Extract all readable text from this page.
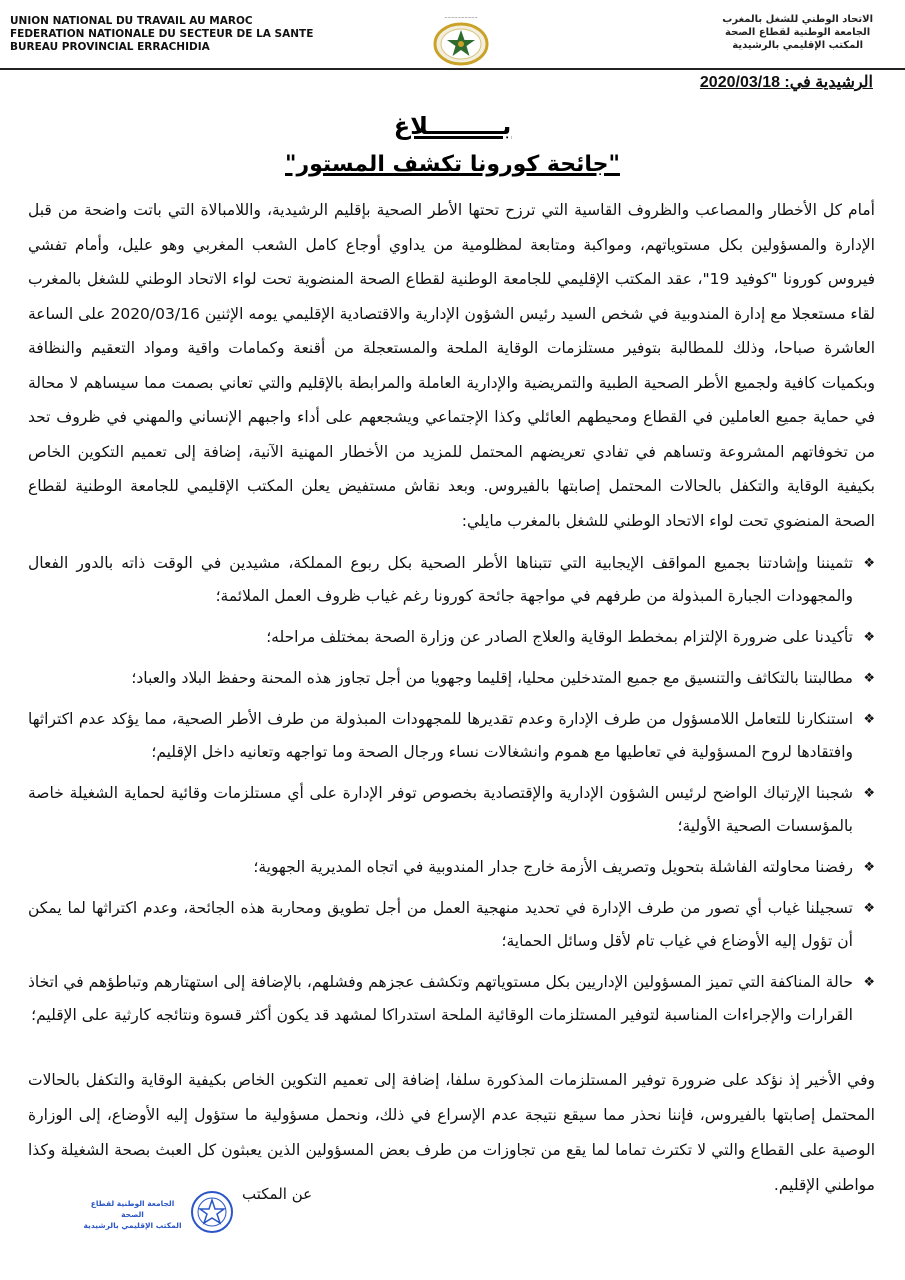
UNION NATIONAL DU TRAVAIL AU MAROC
FEDERATION NATIONALE DU SECTEUR DE LA SANTE
BUREAU PROVINCIAL ERRACHIDIA
~~~~~~~~~~	الاتحاد الوطني للشغل بالمغرب
الجامعة الوطنية لقطاع الصحة
المكتب الإقليمي بالرشيدية
الرشيدية في: 2020/03/18
بـــــــــلاغ
"جائحة كورونا تكشف المستور"

أمام كل الأخطار والمصاعب والظروف القاسية التي ترزح تحتها الأطر الصحية بإقليم الرشيدية، واللامبالاة التي باتت واضحة من قبل الإدارة والمسؤولين بكل مستوياتهم، ومواكبة ومتابعة لمظلومية من يداوي أوجاع كامل الشعب المغربي وهو عليل، وأمام تفشي فيروس كورونا "كوفيد 19"، عقد المكتب الإقليمي للجامعة الوطنية لقطاع الصحة المنضوية تحت لواء الاتحاد الوطني للشغل بالمغرب لقاء مستعجلا مع إدارة المندوبية في شخص السيد رئيس الشؤون الإدارية والاقتصادية الإقليمي يومه الإثنين 2020/03/16 على الساعة العاشرة صباحا، وذلك للمطالبة بتوفير مستلزمات الوقاية الملحة والمستعجلة من أقنعة وكمامات واقية ومواد التعقيم والنظافة وبكميات كافية ولجميع الأطر الصحية الطبية والتمريضية والإدارية العاملة والمرابطة بالإقليم والتي تعاني بصمت مما سيساهم لا محالة في حماية جميع العاملين في القطاع ومحيطهم العائلي وكذا الإجتماعي ويشجعهم على أداء واجبهم الإنساني والمهني في ظروف تحد من تخوفاتهم المشروعة وتساهم في تفادي تعريضهم المحتمل للمزيد من الأخطار المهنية الآنية، إضافة إلى تعميم التكوين الخاص بكيفية الوقاية والتكفل بالحالات المحتمل إصابتها بالفيروس. وبعد نقاش مستفيض يعلن المكتب الإقليمي للجامعة الوطنية لقطاع الصحة المنضوي تحت لواء الاتحاد الوطني للشغل بالمغرب مايلي:

❖
تثميننا وإشادتنا بجميع المواقف الإيجابية التي تتبناها الأطر الصحية بكل ربوع المملكة، مشيدين في الوقت ذاته بالدور الفعال والمجهودات الجبارة المبذولة من طرفهم في مواجهة جائحة كورونا رغم غياب ظروف العمل الملائمة؛
❖
تأكيدنا على ضرورة الإلتزام بمخطط الوقاية والعلاج الصادر عن وزارة الصحة بمختلف مراحله؛
❖
مطالبتنا بالتكاثف والتنسيق مع جميع المتدخلين محليا، إقليما وجهويا من أجل تجاوز هذه المحنة وحفظ البلاد والعباد؛
❖
استنكارنا للتعامل اللامسؤول من طرف الإدارة وعدم تقديرها للمجهودات المبذولة من طرف الأطر الصحية، مما يؤكد عدم اكتراثها وافتقادها لروح المسؤولية في تعاطيها مع هموم وانشغالات نساء ورجال الصحة وما تواجهه وتعانيه داخل الإقليم؛
❖
شجبنا الإرتباك الواضح لرئيس الشؤون الإدارية والإقتصادية بخصوص توفر الإدارة على أي مستلزمات وقائية لحماية الشغيلة خاصة بالمؤسسات الصحية الأولية؛
❖
رفضنا محاولته الفاشلة بتحويل وتصريف الأزمة خارج جدار المندوبية في اتجاه المديرية الجهوية؛
❖
تسجيلنا غياب أي تصور من طرف الإدارة في تحديد منهجية العمل من أجل تطويق ومحاربة هذه الجائحة، وعدم اكتراثها لما يمكن أن تؤول إليه الأوضاع في غياب تام لأقل وسائل الحماية؛
❖
حالة المناكفة التي تميز المسؤولين الإداريين بكل مستوياتهم وتكشف عجزهم وفشلهم، بالإضافة إلى استهتارهم وتباطؤهم في اتخاذ القرارات والإجراءات المناسبة لتوفير المستلزمات الوقائية الملحة استدراكا لمشهد قد يكون أكثر قسوة ونتائجه كارثية على الإقليم؛

وفي الأخير إذ نؤكد على ضرورة توفير المستلزمات المذكورة سلفا، إضافة إلى تعميم التكوين الخاص بكيفية الوقاية والتكفل بالحالات المحتمل إصابتها بالفيروس، فإننا نحذر مما سيقع نتيجة عدم الإسراع في ذلك، ونحمل مسؤولية ما ستؤول إليه الأوضاع، إلى الوزارة الوصية على القطاع والتي لا تكترث تماما لما يقع من تجاوزات من طرف بعض المسؤولين الذين يعبثون كل العبث بصحة الشغيلة وكذا مواطني الإقليم.

عن المكتب
الجامعة الوطنية لقطاع الصحة
المكتب الإقليمي بالرشيدية
